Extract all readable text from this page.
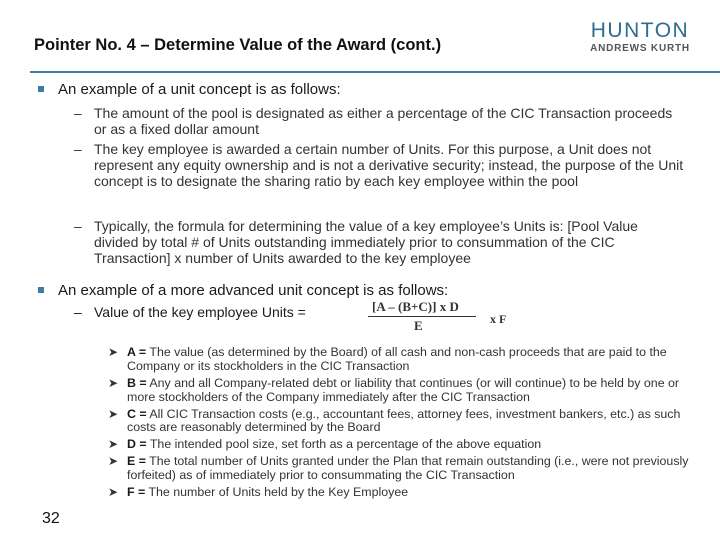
Pointer No. 4 – Determine Value of the Award (cont.)
HUNTON
ANDREWS KURTH
An example of a unit concept is as follows:
– The amount of the pool is designated as either a percentage of the CIC Transaction proceeds or as a fixed dollar amount
– The key employee is awarded a certain number of Units. For this purpose, a Unit does not represent any equity ownership and is not a derivative security; instead, the purpose of the Unit concept is to designate the sharing ratio by each key employee within the pool
– Typically, the formula for determining the value of a key employee’s Units is: [Pool Value divided by total # of Units outstanding immediately prior to consummation of the CIC Transaction] x number of Units awarded to the key employee
An example of a more advanced unit concept is as follows:
– Value of the key employee Units =	[A – (B+C)] x D
E	x F
➤ A = The value (as determined by the Board) of all cash and non-cash proceeds that are paid to the Company or its stockholders in the CIC Transaction
➤ B = Any and all Company-related debt or liability that continues (or will continue) to be held by one or more stockholders of the Company immediately after the CIC Transaction
➤ C = All CIC Transaction costs (e.g., accountant fees, attorney fees, investment bankers, etc.) as such costs are reasonably determined by the Board
➤ D = The intended pool size, set forth as a percentage of the above equation
➤ E = The total number of Units granted under the Plan that remain outstanding (i.e., were not previously forfeited) as of immediately prior to consummating the CIC Transaction
➤ F = The number of Units held by the Key Employee
32
